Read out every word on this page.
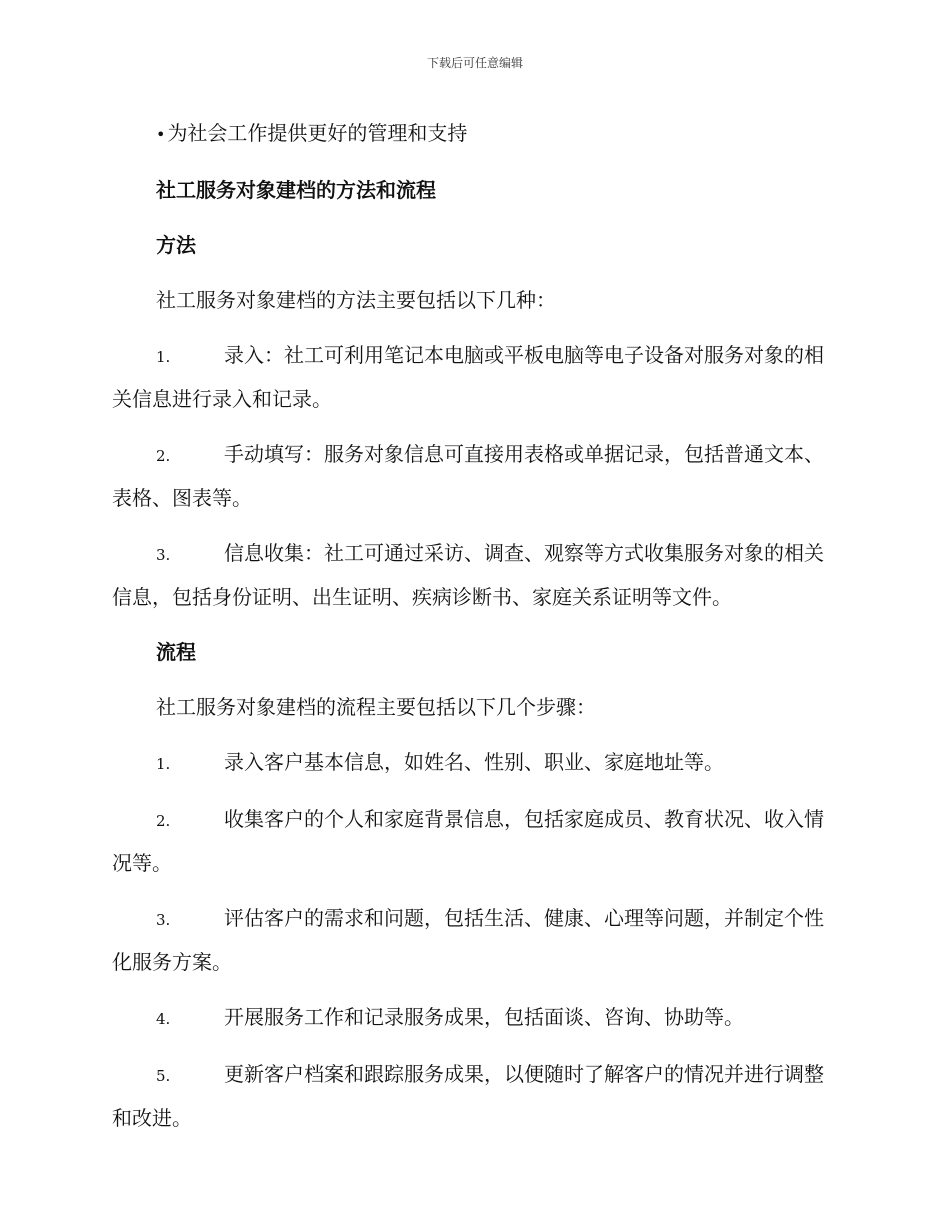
下载后可任意编辑
• 为社会工作提供更好的管理和支持
社工服务对象建档的方法和流程
方法
社工服务对象建档的方法主要包括以下几种：
1.	录入：社工可利用笔记本电脑或平板电脑等电子设备对服务对象的相关信息进行录入和记录。
2.	手动填写：服务对象信息可直接用表格或单据记录，包括普通文本、表格、图表等。
3.	信息收集：社工可通过采访、调查、观察等方式收集服务对象的相关信息，包括身份证明、出生证明、疾病诊断书、家庭关系证明等文件。
流程
社工服务对象建档的流程主要包括以下几个步骤：
1.	录入客户基本信息，如姓名、性别、职业、家庭地址等。
2.	收集客户的个人和家庭背景信息，包括家庭成员、教育状况、收入情况等。
3.	评估客户的需求和问题，包括生活、健康、心理等问题，并制定个性化服务方案。
4.	开展服务工作和记录服务成果，包括面谈、咨询、协助等。
5.	更新客户档案和跟踪服务成果，以便随时了解客户的情况并进行调整和改进。
